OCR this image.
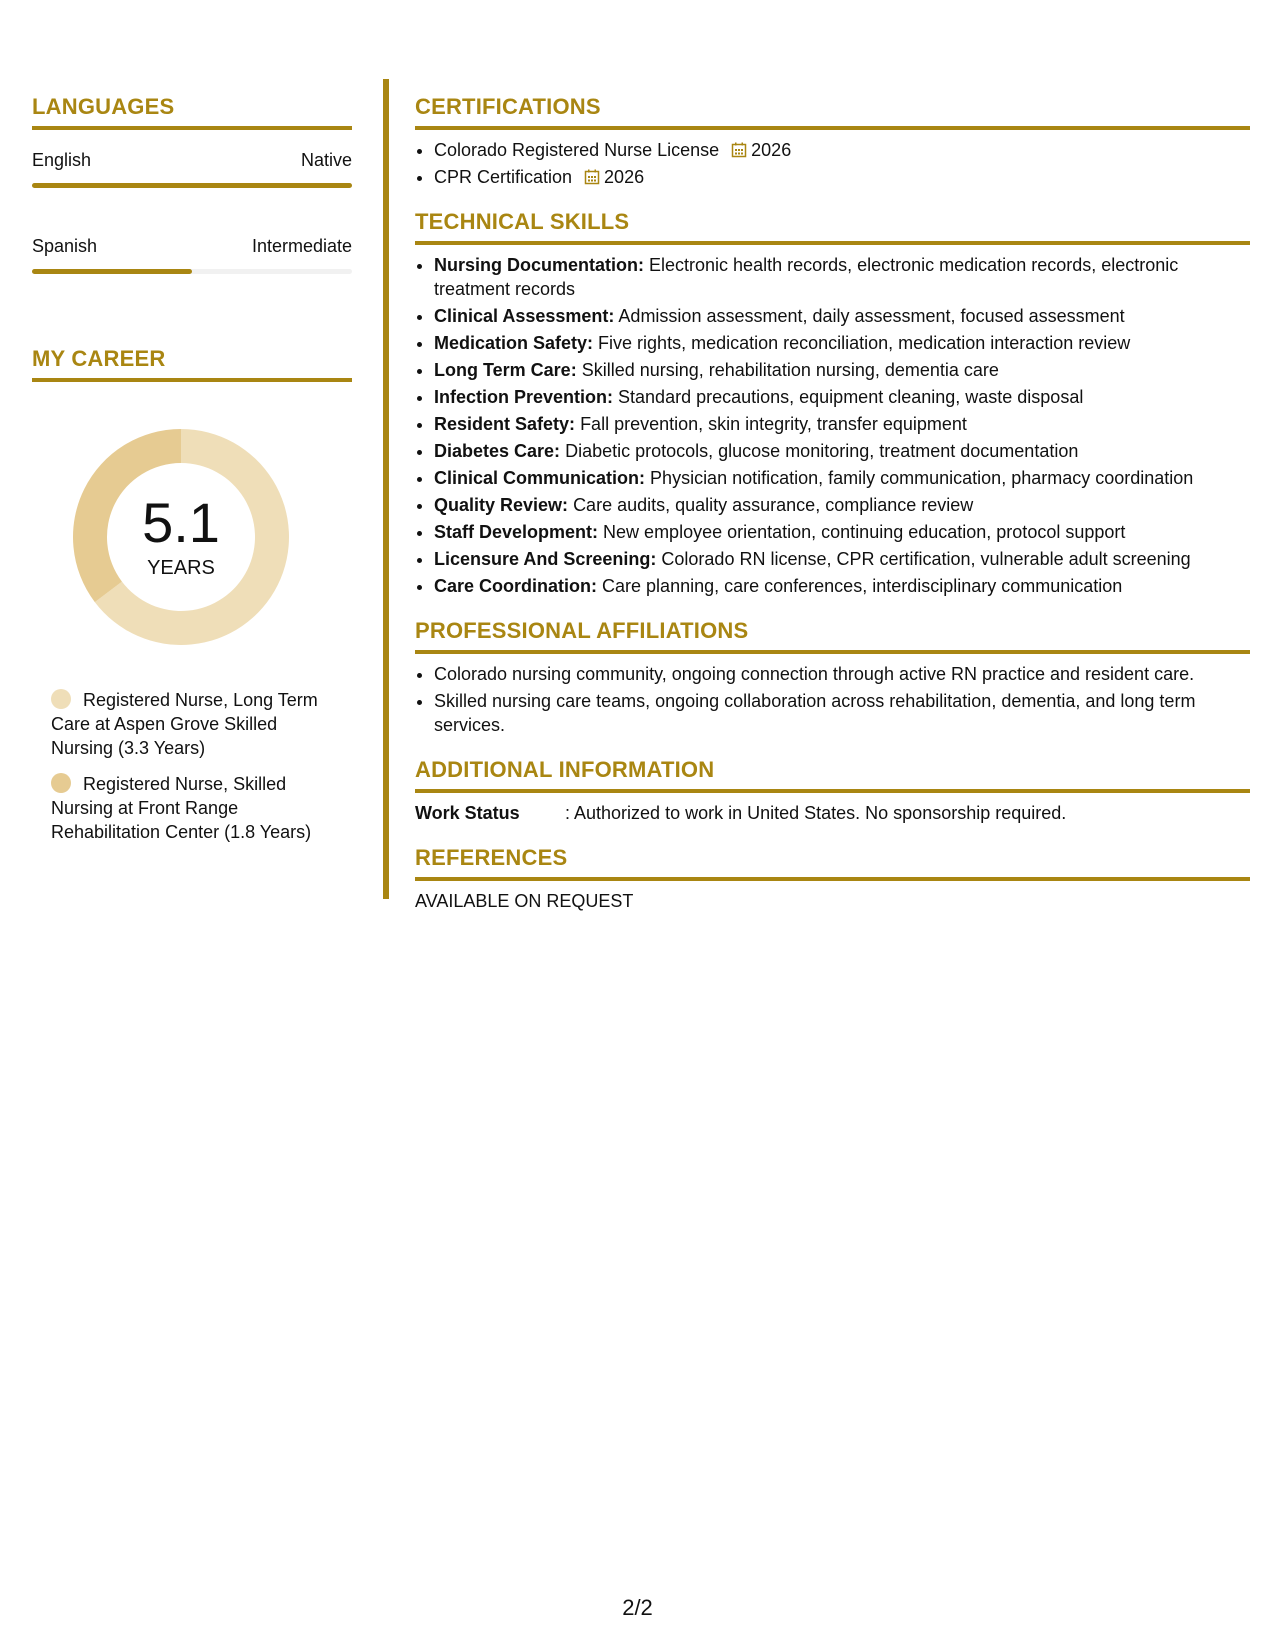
LANGUAGES
English	Native
Spanish	Intermediate
MY CAREER
5.1
YEARS
Registered Nurse, Long Term Care at Aspen Grove Skilled Nursing (3.3 Years)
Registered Nurse, Skilled Nursing at Front Range Rehabilitation Center (1.8 Years)
CERTIFICATIONS
• Colorado Registered Nurse License 2026
• CPR Certification 2026
TECHNICAL SKILLS
• Nursing Documentation: Electronic health records, electronic medication records, electronic treatment records
• Clinical Assessment: Admission assessment, daily assessment, focused assessment
• Medication Safety: Five rights, medication reconciliation, medication interaction review
• Long Term Care: Skilled nursing, rehabilitation nursing, dementia care
• Infection Prevention: Standard precautions, equipment cleaning, waste disposal
• Resident Safety: Fall prevention, skin integrity, transfer equipment
• Diabetes Care: Diabetic protocols, glucose monitoring, treatment documentation
• Clinical Communication: Physician notification, family communication, pharmacy coordination
• Quality Review: Care audits, quality assurance, compliance review
• Staff Development: New employee orientation, continuing education, protocol support
• Licensure And Screening: Colorado RN license, CPR certification, vulnerable adult screening
• Care Coordination: Care planning, care conferences, interdisciplinary communication
PROFESSIONAL AFFILIATIONS
• Colorado nursing community, ongoing connection through active RN practice and resident care.
• Skilled nursing care teams, ongoing collaboration across rehabilitation, dementia, and long term services.
ADDITIONAL INFORMATION
Work Status	: Authorized to work in United States. No sponsorship required.
REFERENCES
AVAILABLE ON REQUEST
2/2
